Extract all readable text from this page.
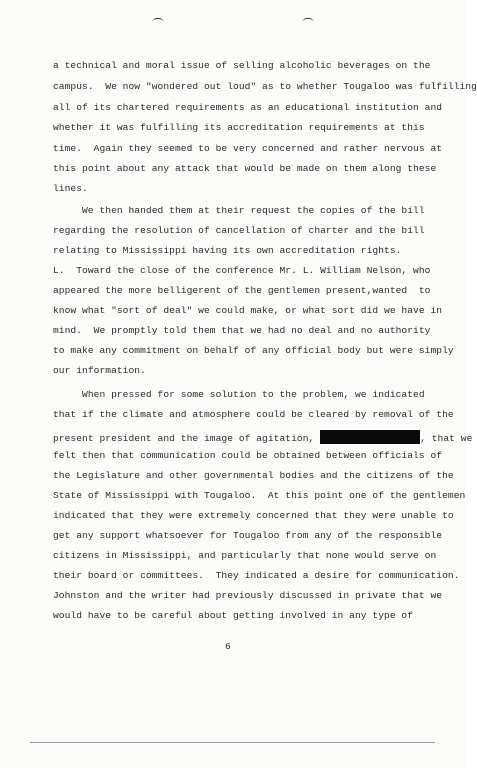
a technical and moral issue of selling alcoholic beverages on the
campus.  We now "wondered out loud" as to whether Tougaloo was fulfilling
all of its chartered requirements as an educational institution and
whether it was fulfilling its accreditation requirements at this
time.  Again they seemed to be very concerned and rather nervous at
this point about any attack that would be made on them along these
lines.
We then handed them at their request the copies of the bill
regarding the resolution of cancellation of charter and the bill
relating to Mississippi having its own accreditation rights.
L.  Toward the close of the conference Mr. L. William Nelson, who
appeared the more belligerent of the gentlemen present,wanted  to
know what "sort of deal" we could make, or what sort did we have in
mind.  We promptly told them that we had no deal and no authority
to make any commitment on behalf of any official body but were simply
our information.
When pressed for some solution to the problem, we indicated
that if the climate and atmosphere could be cleared by removal of the
present president and the image of agitation,	, that we
felt then that communication could be obtained between officials of
the Legislature and other governmental bodies and the citizens of the
State of Mississippi with Tougaloo.  At this point one of the gentlemen
indicated that they were extremely concerned that they were unable to
get any support whatsoever for Tougaloo from any of the responsible
citizens in Mississippi, and particularly that none would serve on
their board or committees.  They indicated a desire for communication.
Johnston and the writer had previously discussed in private that we
would have to be careful about getting involved in any type of
6
